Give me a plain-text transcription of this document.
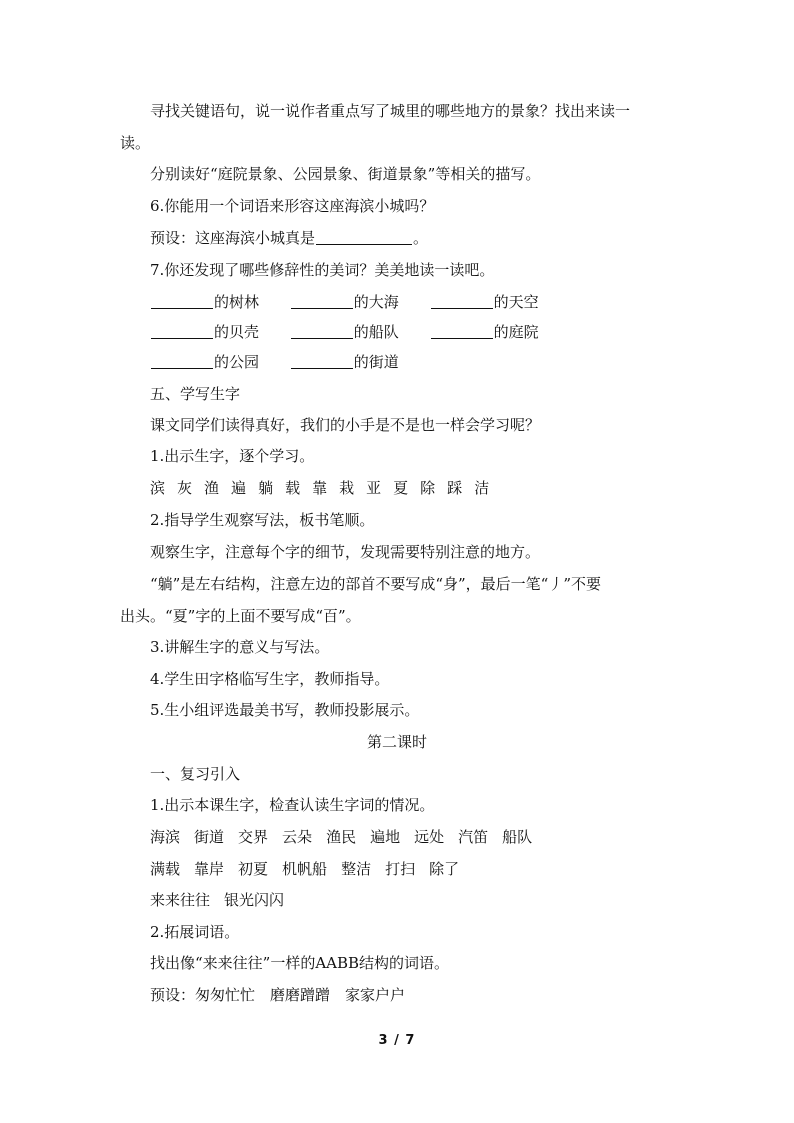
寻找关键语句，说一说作者重点写了城里的哪些地方的景象？找出来读一
读。
分别读好“庭院景象、公园景象、街道景象”等相关的描写。
6.你能用一个词语来形容这座海滨小城吗？
预设：这座海滨小城真是	。
7.你还发现了哪些修辞性的美词？美美地读一读吧。
的树林	的大海	的天空
的贝壳	的船队	的庭院
的公园	的街道
五、学写生字
课文同学们读得真好，我们的小手是不是也一样会学习呢？
1.出示生字，逐个学习。
滨 灰 渔 遍 躺 载 靠 栽 亚 夏 除 踩 洁
2.指导学生观察写法，板书笔顺。
观察生字，注意每个字的细节，发现需要特别注意的地方。
“躺”是左右结构，注意左边的部首不要写成“身”，最后一笔“丿”不要
出头。“夏”字的上面不要写成“百”。
3.讲解生字的意义与写法。
4.学生田字格临写生字，教师指导。
5.生小组评选最美书写，教师投影展示。
第二课时
一、复习引入
1.出示本课生字，检查认读生字词的情况。
海滨 街道 交界 云朵 渔民 遍地 远处 汽笛 船队
满载 靠岸 初夏 机帆船 整洁 打扫 除了
来来往往 银光闪闪
2.拓展词语。
找出像“来来往往”一样的AABB结构的词语。
预设：匆匆忙忙　磨磨蹭蹭　家家户户
3 / 7
